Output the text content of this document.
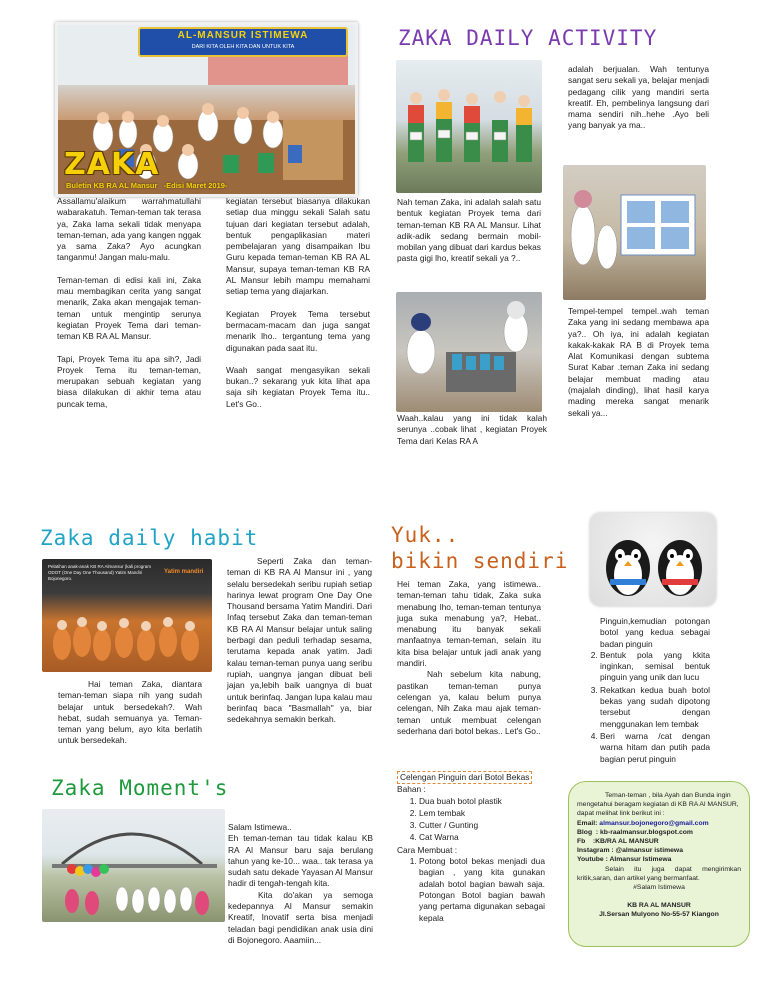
AL-MANSUR ISTIMEWA
DARI KITA OLEH KITA DAN UNTUK KITA
ZAKA
Buletin KB RA AL Mansur   -Edisi Maret 2019-

Assallamu'alaikum warrahmatullahi wabarakatuh. Teman-teman tak terasa ya, Zaka lama sekali tidak menyapa teman-teman, ada yang kangen nggak ya sama Zaka? Ayo acungkan tanganmu! Jangan malu-malu.

Teman-teman di edisi kali ini, Zaka mau membagikan cerita yang sangat menarik, Zaka akan mengajak teman-teman untuk mengintip serunya kegiatan Proyek Tema dari teman-teman KB RA AL Mansur.

Tapi, Proyek Tema itu apa sih?, Jadi Proyek Tema itu teman-teman, merupakan sebuah kegiatan yang biasa dilakukan di akhir tema atau puncak tema,

kegiatan tersebut biasanya dilakukan setiap dua minggu sekali Salah satu tujuan dari kegiatan tersebut adalah, bentuk pengaplikasian materi pembelajaran yang disampaikan Ibu Guru kepada teman-teman KB RA AL Mansur, supaya teman-teman KB RA AL Mansur lebih mampu memahami setiap tema yang diajarkan.

Kegiatan Proyek Tema tersebut bermacam-macam dan juga sangat menarik lho.. tergantung tema yang digunakan pada saat itu.

Waah sangat mengasyikan sekali bukan..? sekarang yuk kita lihat apa saja sih kegiatan Proyek Tema itu.. Let's Go..

ZAKA DAILY ACTIVITY
Nah teman Zaka, ini adalah salah satu bentuk kegiatan Proyek tema dari teman-teman KB RA AL Mansur. Lihat adik-adik sedang bermain mobil-mobilan yang dibuat dari kardus bekas pasta gigi lho, kreatif sekali ya ?..
Waah..kalau yang ini tidak kalah serunya ..cobak lihat , kegiatan Proyek Tema dari Kelas RA A
adalah berjualan. Wah tentunya sangat seru sekali ya, belajar menjadi pedagang cilik yang mandiri serta kreatif. Eh, pembelinya langsung dari mama sendiri nih..hehe .Ayo beli yang banyak ya ma..
Tempel-tempel tempel..wah teman Zaka yang ini sedang membawa apa ya?.. Oh iya, ini adalah kegiatan kakak-kakak RA B di Proyek tema Alat Komunikasi dengan subtema Surat Kabar .teman Zaka ini sedang belajar membuat mading atau (majalah dinding), lihat hasil karya mading mereka sangat menarik sekali ya...
Zaka daily habit
Pelatihan anak-anak KB RA Almansur (kali program ODOT (One Day One Thousand) Yatim Mandiri Bojonegoro.
Yatim mandiri
Hai teman Zaka, diantara teman-teman siapa nih yang sudah belajar untuk bersedekah?. Wah hebat, sudah semuanya ya. Teman-teman yang belum, ayo kita berlatih untuk bersedekah.
Seperti Zaka dan teman-teman di KB RA Al Mansur ini , yang selalu bersedekah seribu rupiah setiap harinya lewat program One Day One Thousand bersama Yatim Mandiri. Dari Infaq tersebut Zaka dan teman-teman KB RA Al Mansur belajar untuk saling berbagi dan peduli terhadap sesama, terutama kepada anak yatim. Jadi kalau teman-teman punya uang seribu rupiah, uangnya jangan dibuat beli jajan ya,lebih baik uangnya di buat untuk berinfaq. Jangan lupa kalau mau berinfaq baca "Basmallah" ya, biar sedekahnya semakin berkah.
Zaka Moment's
Salam Istimewa..
Eh teman-teman tau tidak kalau KB RA Al Mansur baru saja berulang tahun yang ke-10... waa.. tak terasa ya sudah satu dekade Yayasan Al Mansur hadir di tengah-tengah kita.
Kita do'akan ya semoga kedepannya Al Mansur semakin Kreatif, Inovatif serta bisa menjadi teladan bagi pendidikan anak usia dini di Bojonegoro. Aaamiin...
Yuk..
bikin sendiri
Hei teman Zaka, yang istimewa.. teman-teman tahu tidak, Zaka suka menabung lho, teman-teman tentunya juga suka menabung ya?, Hebat.. menabung itu banyak sekali manfaatnya teman-teman, selain itu kita bisa belajar untuk jadi anak yang mandiri.
Nah sebelum kita nabung, pastikan teman-teman punya celengan ya, kalau belum punya celengan, Nih Zaka mau ajak teman-teman untuk membuat celengan sederhana dari botol bekas.. Let's Go..
Celengan Pinguin dari Botol Bekas
Bahan :
1. Dua buah botol plastik
2. Lem tembak
3. Cutter / Gunting
4. Cat Warna
Cara Membuat :
1. Potong botol bekas menjadi dua bagian , yang kita gunakan adalah botol bagian bawah saja. Potongan Botol bagian bawah yang pertama digunakan sebagai kepala
Pinguin,kemudian potongan botol yang kedua sebagai badan pinguin
2. Bentuk pola yang kkita inginkan, semisal bentuk pinguin yang unik dan lucu
3. Rekatkan kedua buah botol bekas yang sudah dipotong tersebut dengan menggunakan lem tembak
4. Beri warna /cat dengan warna hitam dan putih pada bagian perut pinguin
Teman-teman , bila Ayah dan Bunda ingin mengetahui beragam kegiatan di KB RA Al MANSUR, dapat melihat link berikut ini :
Email: almansur.bojonegoro@gmail.com
Blog  : kb-raalmansur.blogspot.com
Fb    :KB/RA AL MANSUR
Instagram : @almansur istimewa
Youtube : Almansur Istimewa
Selain itu juga dapat mengirimkan kritik,saran, dan artikel yang bermanfaat.
#Salam Istimewa
KB RA AL MANSUR
Jl.Sersan Mulyono No-55-57 Kiangon
